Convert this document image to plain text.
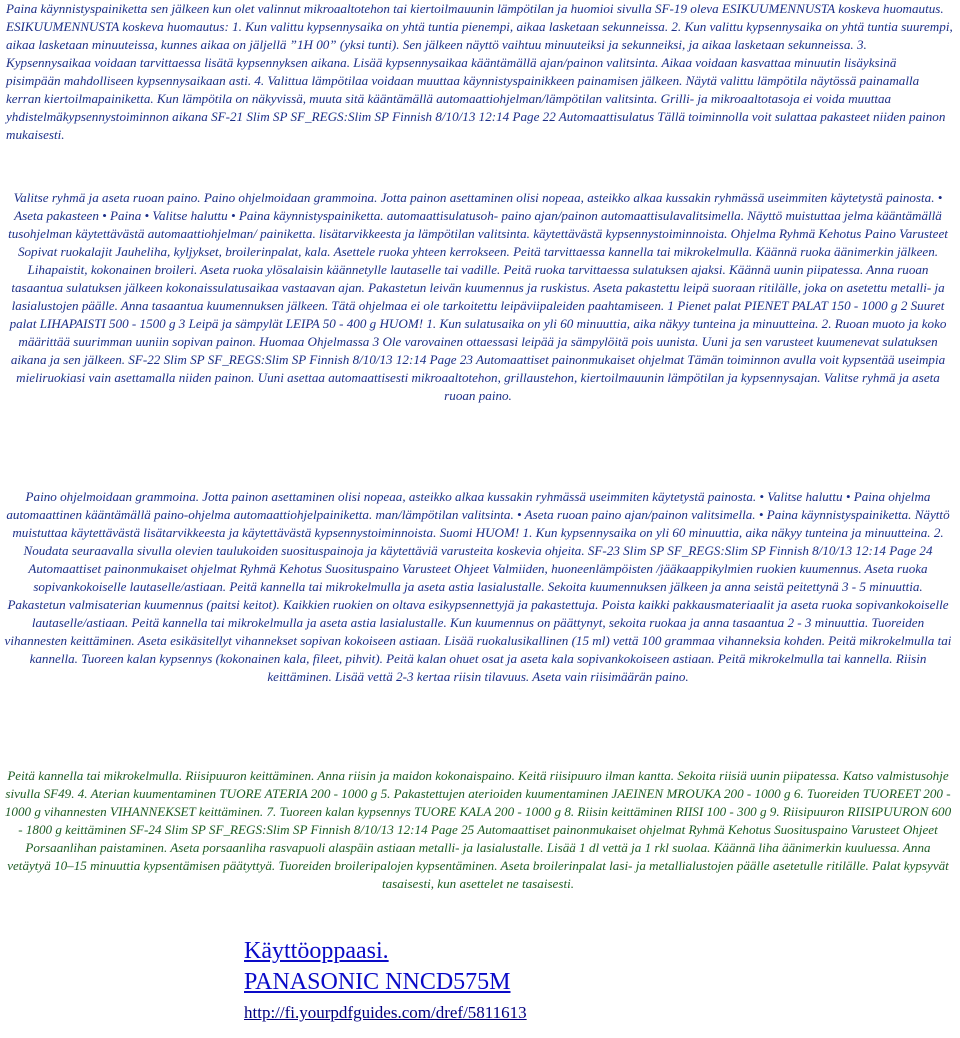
Paina käynnistyspainiketta sen jälkeen kun olet valinnut mikroaaltotehon tai kiertoilmauunin lämpötilan ja huomioi sivulla SF-19 oleva ESIKUUMENNUSTA koskeva huomautus. ESIKUUMENNUSTA koskeva huomautus: 1. Kun valittu kypsennysaika on yhtä tuntia pienempi, aikaa lasketaan sekunneissa. 2. Kun valittu kypsennysaika on yhtä tuntia suurempi, aikaa lasketaan minuuteissa, kunnes aikaa on jäljellä ”1H 00” (yksi tunti). Sen jälkeen näyttö vaihtuu minuuteiksi ja sekunneiksi, ja aikaa lasketaan sekunneissa. 3. Kypsennysaikaa voidaan tarvittaessa lisätä kypsennyksen aikana. Lisää kypsennysaikaa kääntämällä ajan/painon valitsinta. Aikaa voidaan kasvattaa minuutin lisäyksinä pisimpään mahdolliseen kypsennysaikaan asti. 4. Valittua lämpötilaa voidaan muuttaa käynnistyspainikkeen painamisen jälkeen. Näytä valittu lämpötila näytössä painamalla kerran kiertoilmapainiketta. Kun lämpötila on näkyvissä, muuta sitä kääntämällä automaattiohjelman/lämpötilan valitsinta. Grilli- ja mikroaaltotasoja ei voida muuttaa yhdistelmäkypsennystoiminnon aikana SF-21 Slim SP SF_REGS:Slim SP Finnish 8/10/13 12:14 Page 22 Automaattisulatus Tällä toiminnolla voit sulattaa pakasteet niiden painon mukaisesti.

Valitse ryhmä ja aseta ruoan paino. Paino ohjelmoidaan grammoina. Jotta painon asettaminen olisi nopeaa, asteikko alkaa kussakin ryhmässä useimmiten käytetystä painosta. • Aseta pakasteen • Paina • Valitse haluttu • Paina käynnistyspainiketta. automaattisulatusoh- paino ajan/painon automaattisulavalitsimella. Näyttö muistuttaa jelma kääntämällä tusohjelman käytettävästä automaattiohjelman/ painiketta. lisätarvikkeesta ja lämpötilan valitsinta. käytettävästä kypsennystoiminnoista. Ohjelma Ryhmä Kehotus Paino Varusteet Sopivat ruokalajit Jauheliha, kyljykset, broilerinpalat, kala. Asettele ruoka yhteen kerrokseen. Peitä tarvittaessa kannella tai mikrokelmulla. Käännä ruoka äänimerkin jälkeen. Lihapaistit, kokonainen broileri. Aseta ruoka ylösalaisin käännetylle lautaselle tai vadille. Peitä ruoka tarvittaessa sulatuksen ajaksi. Käännä uunin piipatessa. Anna ruoan tasaantua sulatuksen jälkeen kokonaissulatusaikaa vastaavan ajan. Pakastetun leivän kuumennus ja ruskistus. Aseta pakastettu leipä suoraan ritilälle, joka on asetettu metalli- ja lasialustojen päälle. Anna tasaantua kuumennuksen jälkeen. Tätä ohjelmaa ei ole tarkoitettu leipäviipaleiden paahtamiseen. 1 Pienet palat PIENET PALAT 150 - 1000 g 2 Suuret palat LIHAPAISTI 500 - 1500 g 3 Leipä ja sämpylät LEIPA 50 - 400 g HUOM! 1. Kun sulatusaika on yli 60 minuuttia, aika näkyy tunteina ja minuutteina. 2. Ruoan muoto ja koko määrittää suurimman uuniin sopivan painon. Huomaa Ohjelmassa 3 Ole varovainen ottaessasi leipää ja sämpylöitä pois uunista. Uuni ja sen varusteet kuumenevat sulatuksen aikana ja sen jälkeen. SF-22 Slim SP SF_REGS:Slim SP Finnish 8/10/13 12:14 Page 23 Automaattiset painonmukaiset ohjelmat Tämän toiminnon avulla voit kypsentää useimpia mieliruokiasi vain asettamalla niiden painon. Uuni asettaa automaattisesti mikroaaltotehon, grillaustehon, kiertoilmauunin lämpötilan ja kypsennysajan. Valitse ryhmä ja aseta ruoan paino.

Paino ohjelmoidaan grammoina. Jotta painon asettaminen olisi nopeaa, asteikko alkaa kussakin ryhmässä useimmiten käytetystä painosta. • Valitse haluttu • Paina ohjelma automaattinen kääntämällä paino-ohjelma automaattiohjelpainiketta. man/lämpötilan valitsinta. • Aseta ruoan paino ajan/painon valitsimella. • Paina käynnistyspainiketta. Näyttö muistuttaa käytettävästä lisätarvikkeesta ja käytettävästä kypsennystoiminnoista. Suomi HUOM! 1. Kun kypsennysaika on yli 60 minuuttia, aika näkyy tunteina ja minuutteina. 2. Noudata seuraavalla sivulla olevien taulukoiden suosituspainoja ja käytettäviä varusteita koskevia ohjeita. SF-23 Slim SP SF_REGS:Slim SP Finnish 8/10/13 12:14 Page 24 Automaattiset painonmukaiset ohjelmat Ryhmä Kehotus Suosituspaino Varusteet Ohjeet Valmiiden, huoneenlämpöisten /jääkaappikylmien ruokien kuumennus. Aseta ruoka sopivankokoiselle lautaselle/astiaan. Peitä kannella tai mikrokelmulla ja aseta astia lasialustalle. Sekoita kuumennuksen jälkeen ja anna seistä peitettynä 3 - 5 minuuttia. Pakastetun valmisaterian kuumennus (paitsi keitot). Kaikkien ruokien on oltava esikypsennettyjä ja pakastettuja. Poista kaikki pakkausmateriaalit ja aseta ruoka sopivankokoiselle lautaselle/astiaan. Peitä kannella tai mikrokelmulla ja aseta astia lasialustalle. Kun kuumennus on päättynyt, sekoita ruokaa ja anna tasaantua 2 - 3 minuuttia. Tuoreiden vihannesten keittäminen. Aseta esikäsitellyt vihannekset sopivan kokoiseen astiaan. Lisää ruokalusikallinen (15 ml) vettä 100 grammaa vihanneksia kohden. Peitä mikrokelmulla tai kannella. Tuoreen kalan kypsennys (kokonainen kala, fileet, pihvit). Peitä kalan ohuet osat ja aseta kala sopivankokoiseen astiaan. Peitä mikrokelmulla tai kannella. Riisin keittäminen. Lisää vettä 2-3 kertaa riisin tilavuus. Aseta vain riisimäärän paino.

Peitä kannella tai mikrokelmulla. Riisipuuron keittäminen. Anna riisin ja maidon kokonaispaino. Keitä riisipuuro ilman kantta. Sekoita riisiä uunin piipatessa. Katso valmistusohje sivulla SF49. 4. Aterian kuumentaminen TUORE ATERIA 200 - 1000 g 5. Pakastettujen aterioiden kuumentaminen JAEINEN MROUKA 200 - 1000 g 6. Tuoreiden TUOREET 200 - 1000 g vihannesten VIHANNEKSET keittäminen. 7. Tuoreen kalan kypsennys TUORE KALA 200 - 1000 g 8. Riisin keittäminen RIISI 100 - 300 g 9. Riisipuuron RIISIPUURON 600 - 1800 g keittäminen SF-24 Slim SP SF_REGS:Slim SP Finnish 8/10/13 12:14 Page 25 Automaattiset painonmukaiset ohjelmat Ryhmä Kehotus Suosituspaino Varusteet Ohjeet Porsaanlihan paistaminen. Aseta porsaanliha rasvapuoli alaspäin astiaan metalli- ja lasialustalle. Lisää 1 dl vettä ja 1 rkl suolaa. Käännä liha äänimerkin kuuluessa. Anna vetäytyä 10–15 minuuttia kypsentämisen päätyttyä. Tuoreiden broileripalojen kypsentäminen. Aseta broilerinpalat lasi- ja metallialustojen päälle asetetulle ritilälle. Palat kypsyvät tasaisesti, kun asettelet ne tasaisesti.

Käyttöoppaasi.
PANASONIC NNCD575M
http://fi.yourpdfguides.com/dref/5811613
